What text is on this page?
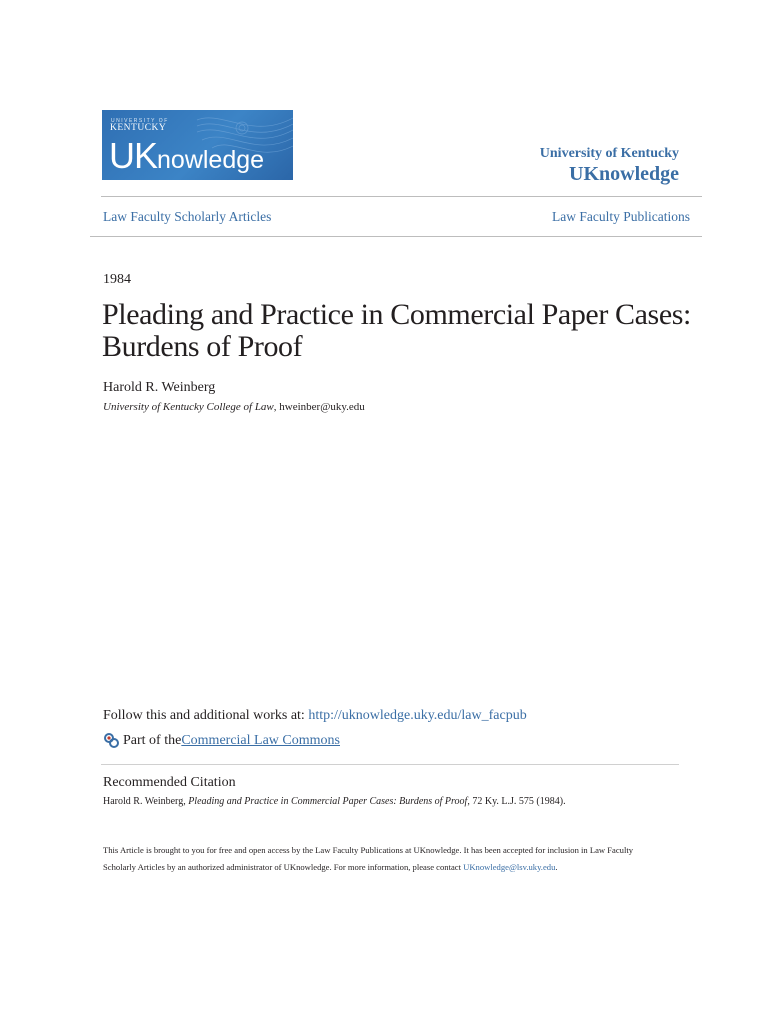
UNIVERSITY OF
KENTUCKY
UKnowledge	University of Kentucky
UKnowledge
Law Faculty Scholarly Articles	Law Faculty Publications
1984
Pleading and Practice in Commercial Paper Cases: Burdens of Proof
Harold R. Weinberg
University of Kentucky College of Law, hweinber@uky.edu
Follow this and additional works at: http://uknowledge.uky.edu/law_facpub
Part of the Commercial Law Commons
Recommended Citation
Harold R. Weinberg, Pleading and Practice in Commercial Paper Cases: Burdens of Proof, 72 Ky. L.J. 575 (1984).
This Article is brought to you for free and open access by the Law Faculty Publications at UKnowledge. It has been accepted for inclusion in Law Faculty Scholarly Articles by an authorized administrator of UKnowledge. For more information, please contact UKnowledge@lsv.uky.edu.
